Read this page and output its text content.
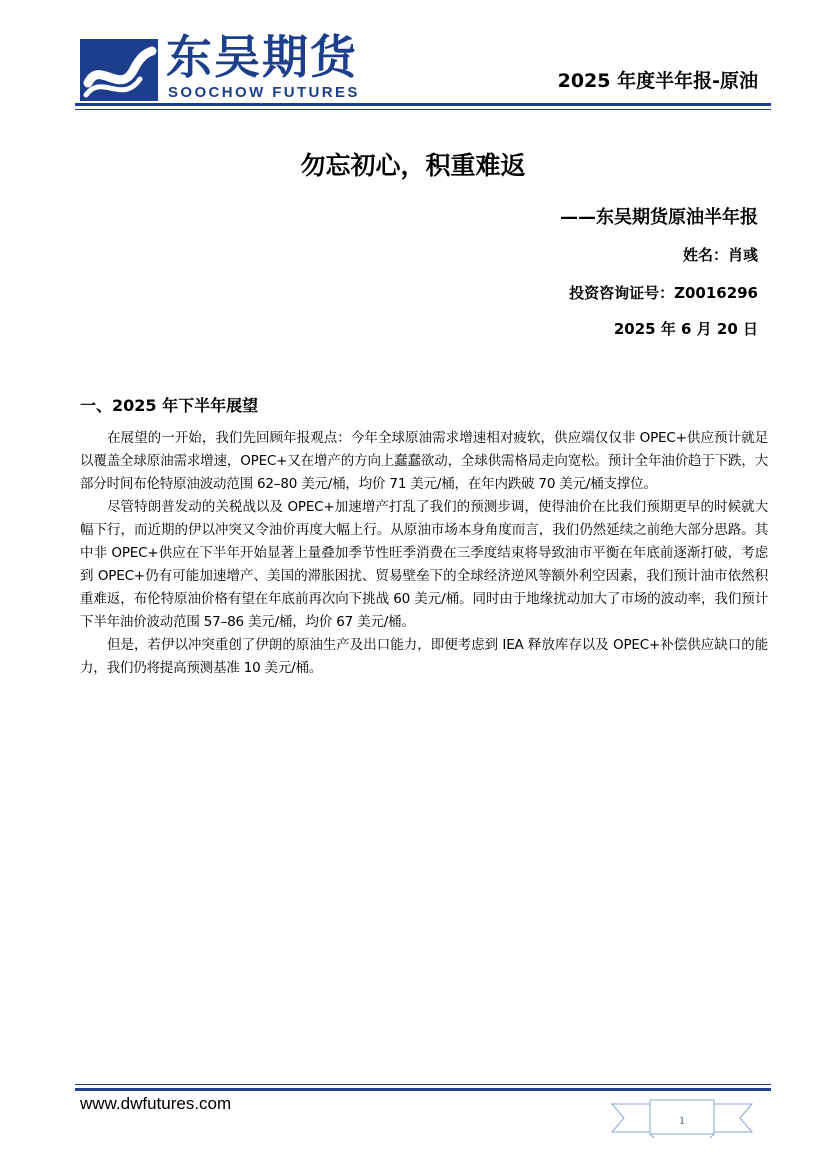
东吴期货
SOOCHOW FUTURES
2025 年度半年报-原油
勿忘初心，积重难返
——东吴期货原油半年报
姓名：肖彧
投资咨询证号：Z0016296
2025 年 6 月 20 日
一、2025 年下半年展望

在展望的一开始，我们先回顾年报观点：今年全球原油需求增速相对疲软，供应端仅仅非 OPEC+供应预计就足以覆盖全球原油需求增速，OPEC+又在增产的方向上蠢蠢欲动，全球供需格局走向宽松。预计全年油价趋于下跌，大部分时间布伦特原油波动范围 62–80 美元/桶，均价 71 美元/桶，在年内跌破 70 美元/桶支撑位。

尽管特朗普发动的关税战以及 OPEC+加速增产打乱了我们的预测步调，使得油价在比我们预期更早的时候就大幅下行，而近期的伊以冲突又令油价再度大幅上行。从原油市场本身角度而言，我们仍然延续之前绝大部分思路。其中非 OPEC+供应在下半年开始显著上量叠加季节性旺季消费在三季度结束将导致油市平衡在年底前逐渐打破，考虑到 OPEC+仍有可能加速增产、美国的滞胀困扰、贸易壁垒下的全球经济逆风等额外利空因素，我们预计油市依然积重难返，布伦特原油价格有望在年底前再次向下挑战 60 美元/桶。同时由于地缘扰动加大了市场的波动率，我们预计下半年油价波动范围 57–86 美元/桶，均价 67 美元/桶。

但是，若伊以冲突重创了伊朗的原油生产及出口能力，即便考虑到 IEA 释放库存以及 OPEC+补偿供应缺口的能力，我们仍将提高预测基准 10 美元/桶。

www.dwfutures.com
1
